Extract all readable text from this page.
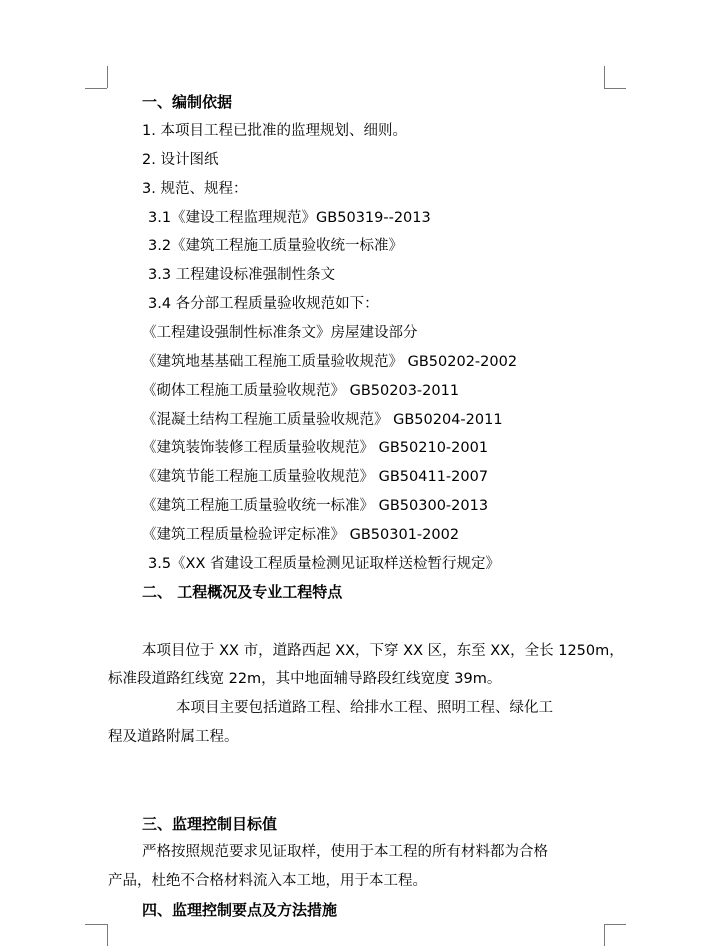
一、编制依据
1. 本项目工程已批准的监理规划、细则。
2. 设计图纸
3. 规范、规程：
3.1《建设工程监理规范》GB50319--2013
3.2《建筑工程施工质量验收统一标准》
3.3 工程建设标准强制性条文
3.4 各分部工程质量验收规范如下：
《工程建设强制性标准条文》房屋建设部分
《建筑地基基础工程施工质量验收规范》 GB50202-2002
《砌体工程施工质量验收规范》 GB50203-2011
《混凝土结构工程施工质量验收规范》 GB50204-2011
《建筑装饰装修工程质量验收规范》 GB50210-2001
《建筑节能工程施工质量验收规范》 GB50411-2007
《建筑工程施工质量验收统一标准》 GB50300-2013
《建筑工程质量检验评定标准》 GB50301-2002
3.5《XX 省建设工程质量检测见证取样送检暂行规定》
二、 工程概况及专业工程特点
本项目位于 XX 市，道路西起 XX，下穿 XX 区，东至 XX，全长 1250m，
标准段道路红线宽 22m，其中地面辅导路段红线宽度 39m。
本项目主要包括道路工程、给排水工程、照明工程、绿化工
程及道路附属工程。
三、监理控制目标值
严格按照规范要求见证取样，使用于本工程的所有材料都为合格
产品，杜绝不合格材料流入本工地，用于本工程。
四、监理控制要点及方法措施
